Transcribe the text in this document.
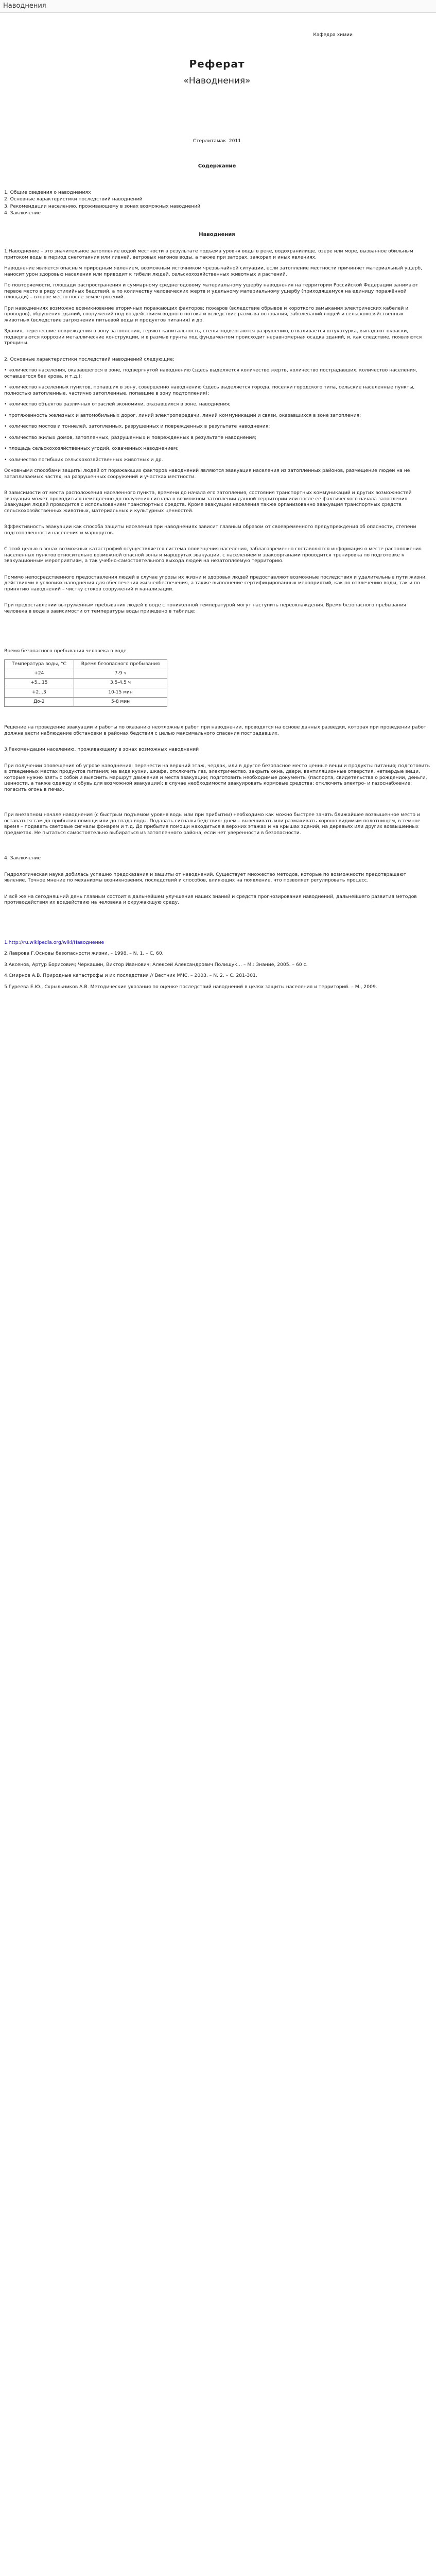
Наводнения
Кафедра химии
Реферат
«Наводнения»
Стерлитамак  2011
Содержание
1. Общие сведения о наводнениях
2. Основные характеристики последствий наводнений
3. Рекомендации населению, проживающему в зонах возможных наводнений
4. Заключение
Наводнения

1.Наводнение – это значительное затопление водой местности в результате подъема уровня воды в реке, водохранилище, озере или море, вызванное обильным притоком воды в период снеготаяния или ливней, ветровых нагонов воды, а также при заторах, зажорах и иных явлениях.

Наводнение является опасным природным явлением, возможным источником чрезвычайной ситуации, если затопление местности причиняет материальный ущерб, наносит урон здоровью населения или приводит к гибели людей, сельскохозяйственных животных и растений.

По повторяемости, площади распространения и суммарному среднегодовому материальному ущербу наводнения на территории Российской Федерации занимают первое место в ряду стихийных бедствий, а по количеству человеческих жертв и удельному материальному ущербу (приходящемуся на единицу поражённой площади) – второе место после землетрясений.

При наводнениях возможно возникновение вторичных поражающих факторов: пожаров (вследствие обрывов и короткого замыкания электрических кабелей и проводов), обрушения зданий, сооружений под воздействием водного потока и вследствие размыва основания, заболеваний людей и сельскохозяйственных животных (вследствие загрязнения питьевой воды и продуктов питания) и др.

Здания, перенесшие повреждения в зону затопления, теряют капитальность, стены подвергаются разрушению, отваливается штукатурка, выпадают окраски, подвергаются коррозии металлические конструкции, и в размыв грунта под фундаментом происходит неравномерная осадка зданий, и, как следствие, появляются трещины.

2. Основные характеристики последствий наводнений следующие:

• количество населения, оказавшегося в зоне, подвергнутой наводнению (здесь выделяется количество жертв, количество пострадавших, количество населения, оставшегося без крова, и т.д.);

• количество населенных пунктов, попавших в зону, совершенно наводнению (здесь выделяется города, поселки городского типа, сельские населенные пункты, полностью затопленные, частично затопленные, попавшие в зону подтопления);

• количество объектов различных отраслей экономики, оказавшихся в зоне, наводнения;

• протяженность железных и автомобильных дорог, линий электропередачи, линий коммуникаций и связи, оказавшихся в зоне затопления;

• количество мостов и тоннелей, затопленных, разрушенных и поврежденных в результате наводнения;

• количество жилых домов, затопленных, разрушенных и поврежденных в результате наводнения;

• площадь сельскохозяйственных угодий, охваченных наводнением;

• количество погибших сельскохозяйственных животных и др.

Основными способами защиты людей от поражающих факторов наводнений являются эвакуация населения из затопленных районов, размещение людей на не затапливаемых частях, на разрушенных сооружений и участках местности.

В зависимости от места расположения населенного пункта, времени до начала его затопления, состояния транспортных коммуникаций и других возможностей эвакуация может проводиться немедленно до получения сигнала о возможном затоплении данной территории или после ее фактического начала затопления. Эвакуация людей проводится с использованием транспортных средств. Кроме эвакуации населения также организованно эвакуация транспортных средств сельскохозяйственных животных, материальных и культурных ценностей.

Эффективность эвакуации как способа защиты населения при наводнениях зависит главным образом от своевременного предупреждения об опасности, степени подготовленности населения и маршрутов.

С этой целью в зонах возможных катастрофий осуществляется система оповещения населения, заблаговременно составляются информация о месте расположения населенных пунктов относительно возможной опасной зоны и маршрутах эвакуации, с населением и эвакоорганами проводится тренировка по подготовке к эвакуационным мероприятиям, а так учебно-самостоятельного выхода людей на незатопляемую территорию.

Помимо непосредственного предоставления людей в случае угрозы их жизни и здоровья людей предоставляют возможные последствия и удалительные пути жизни, действиями в условиях наводнения для обеспечения жизнеобеспечения, а также выполнение сертифицированных мероприятий, как по отвлечению воды, так и по принятию наводнений – чистку стоков сооружений и канализации.

При предоставлении выгруженным пребывания людей в воде с пониженной температурой могут наступить переохлаждения. Время безопасного пребывания человека в воде в зависимости от температуры воды приведено в таблице:

Время безопасного пребывания человека в воде

Температура воды, °C	Время безопасного пребывания
+24	7-9 ч
+5...15	3,5-4,5 ч
+2...3	10-15 мин
До-2	5-8 мин

Решение на проведение эвакуации и работы по оказанию неотложных работ при наводнении, проводятся на основе данных разведки, которая при проведении работ должна вести наблюдение обстановки в районах бедствия с целью максимального спасения пострадавших.

3.Рекомендации населению, проживающему в зонах возможных наводнений

При получении оповещения об угрозе наводнения: перенести на верхний этаж, чердак, или в другое безопасное место ценные вещи и продукты питания; подготовить в отведенных местах продуктов питания; на виде кухни, шкафа, отключить газ, электричество, закрыть окна, двери, вентиляционные отверстия, нетвердые вещи, которые нужно взять с собой и выяснить маршрут движения и места эвакуации; подготовить необходимые документы (паспорта, свидетельства о рождении, деньги, ценности, а также одежду и обувь для возможной эвакуации); в случае необходимости эвакуировать кормовые средства; отключить электро- и газоснабжение; погасить огонь в печах.

При внезапном начале наводнения (с быстрым подъемом уровня воды или при прибытии) необходимо как можно быстрее занять ближайшее возвышенное место и оставаться там до прибытия помощи или до спада воды. Подавать сигналы бедствия: днем – вывешивать или размахивать хорошо видимым полотнищем, в темное время – подавать световые сигналы фонарем и т.д. До прибытия помощи находиться в верхних этажах и на крышах зданий, на деревьях или других возвышенных предметах. Не пытаться самостоятельно выбираться из затопленного района, если нет уверенности в безопасности.

4. Заключение

Гидрологическая наука добилась успешно предсказания и защиты от наводнений. Существует множество методов, которые по возможности предотвращают явление. Точное мнение по механизмы возникновения, последствий и способов, влияющих на появление, что позволяет регулировать процесс.

И всё же на сегодняшний день главным состоит в дальнейшем улучшения наших знаний и средств прогнозирования наводнений, дальнейшего развития методов противодействия их воздействию на человека и окружающую среду.

1.http://ru.wikipedia.org/wiki/Наводнение

2.Лаврова Г.Основы безопасности жизни. – 1998. – N. 1. – С. 60.

3.Аксенов, Артур Борисович; Черкашин, Виктор Иванович; Алексей Александрович Полищук… – М.: Знание, 2005. – 60 с.

4.Смирнов А.В. Природные катастрофы и их последствия // Вестник МЧС. – 2003. – N. 2. – С. 281-301.

5.Гуреева Е.Ю., Скрыльников А.В. Методические указания по оценке последствий наводнений в целях защиты населения и территорий. – М., 2009.
